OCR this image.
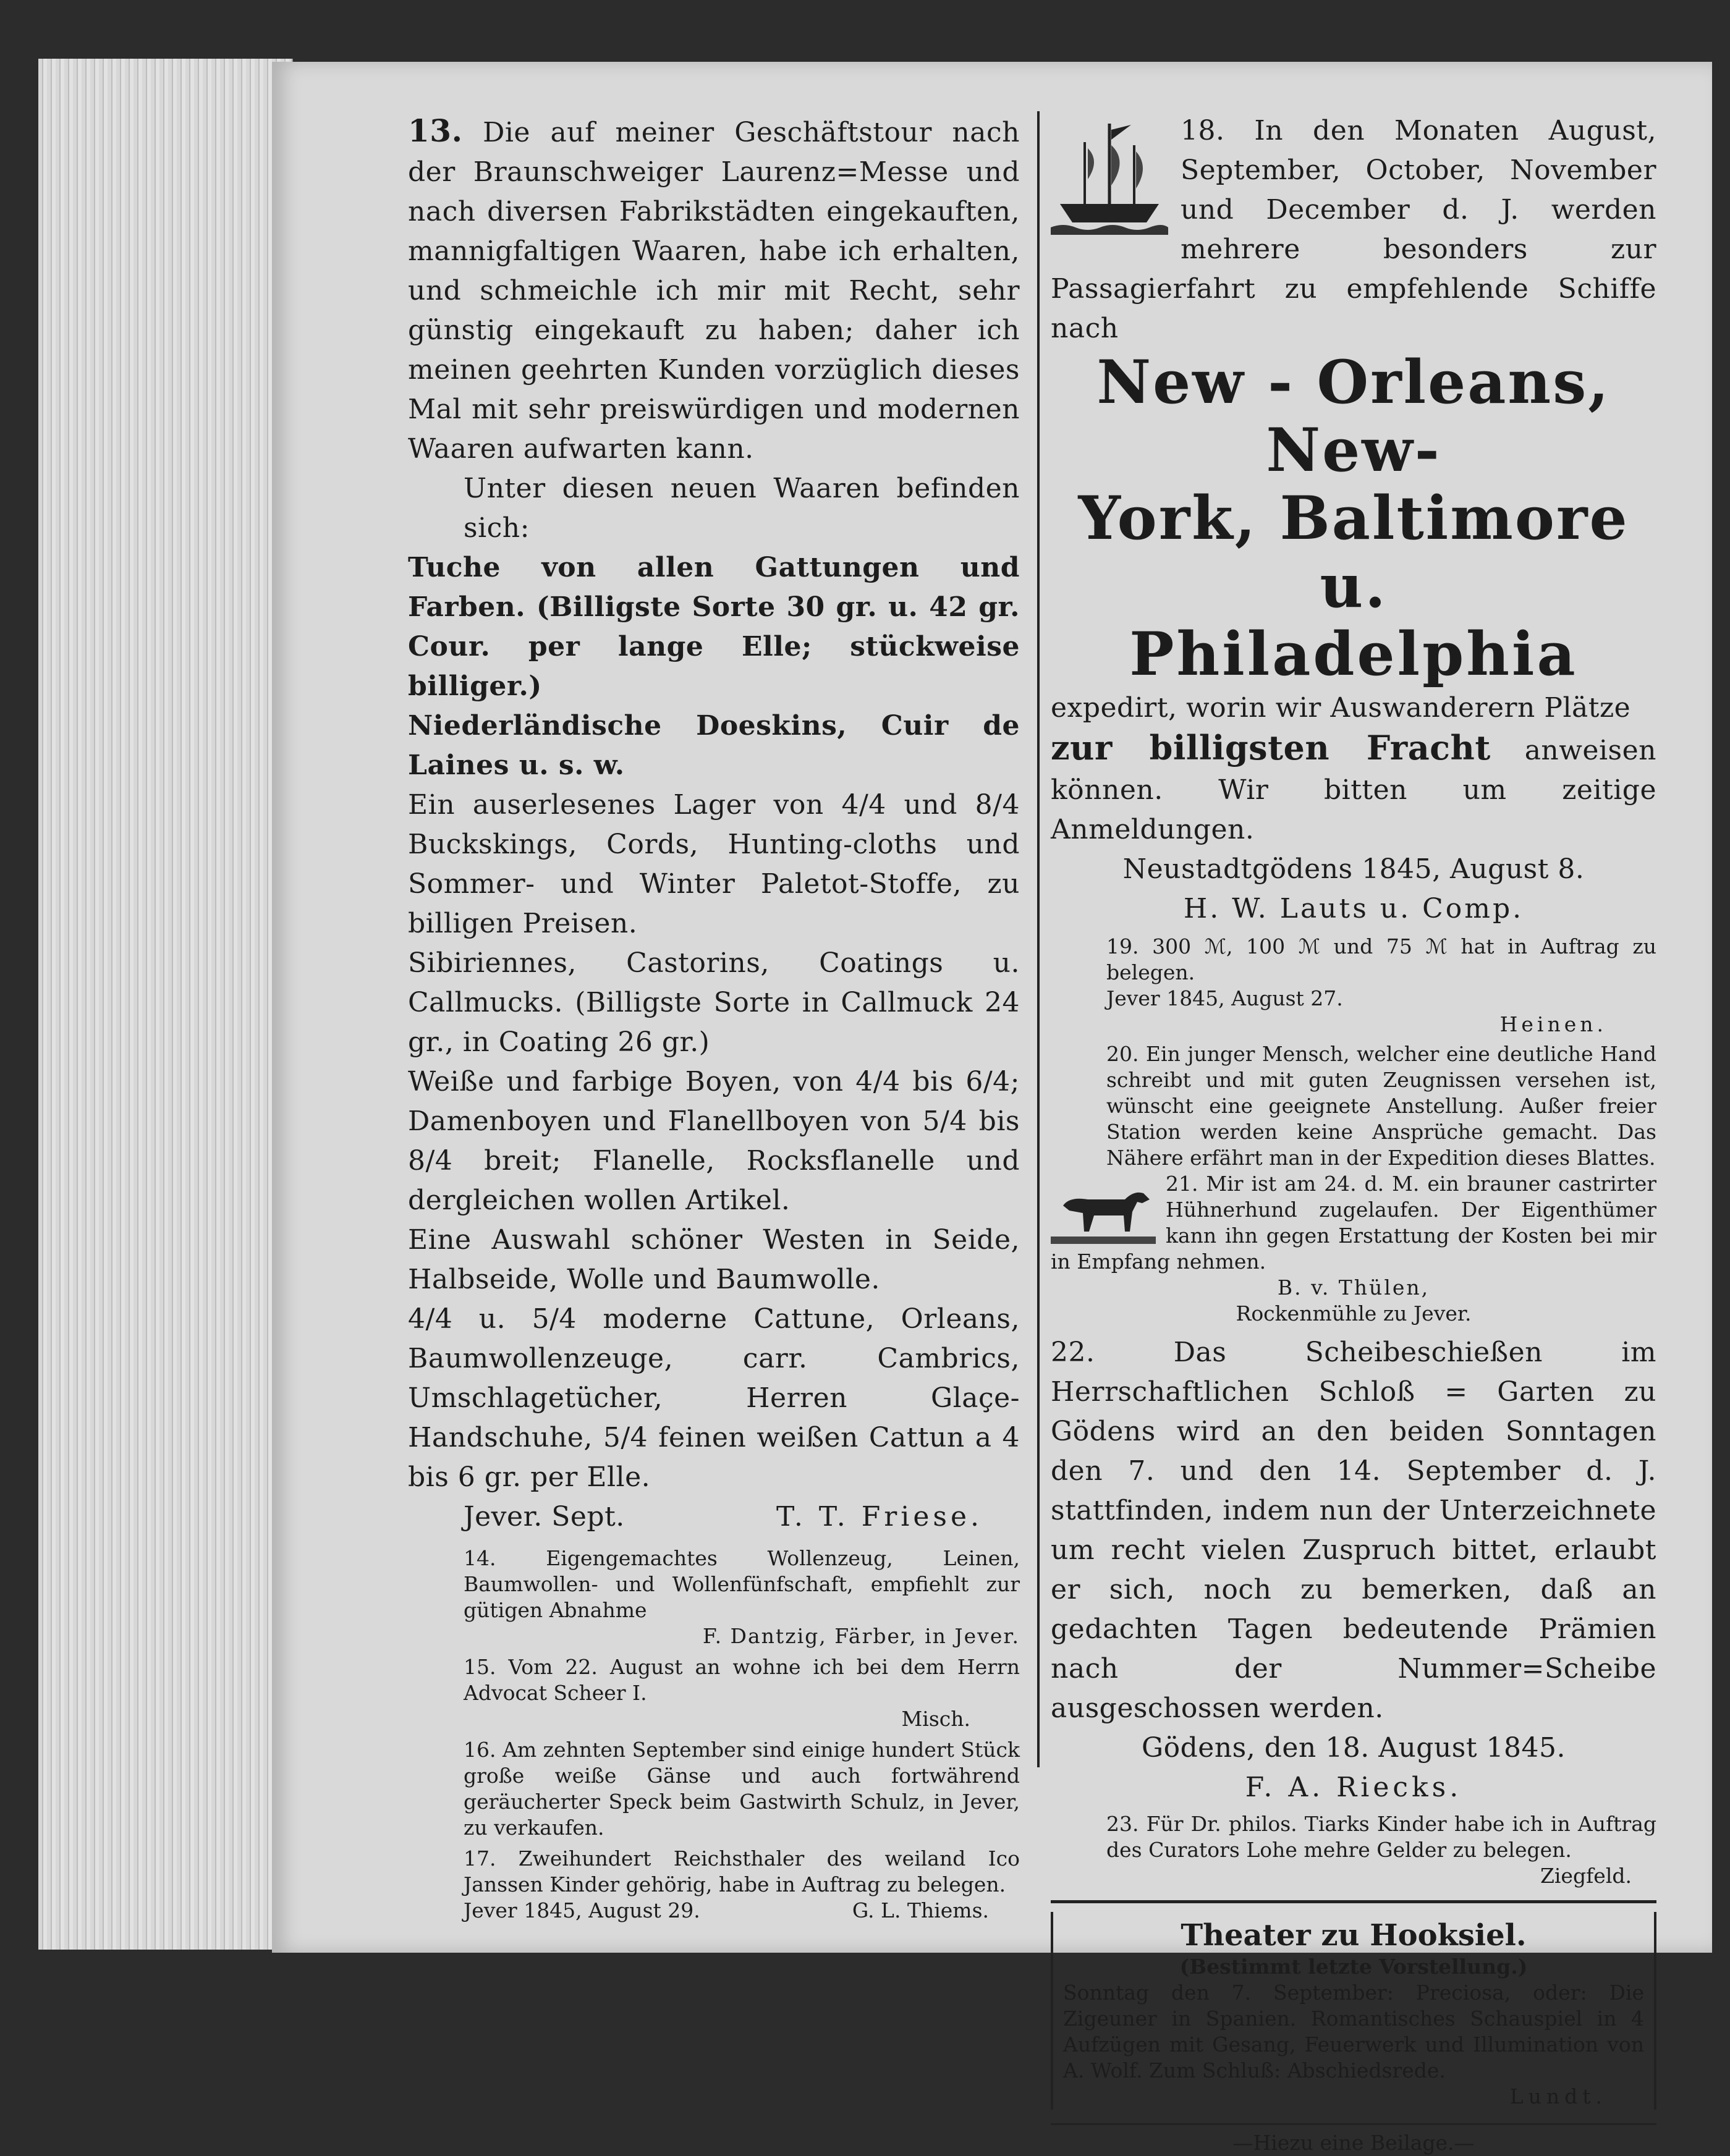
13. Die auf meiner Geschäftstour nach der Braunschweiger Laurenz=Messe und nach diversen Fabrikstädten eingekauften, mannigfaltigen Waaren, habe ich erhalten, und schmeichle ich mir mit Recht, sehr günstig eingekauft zu haben; daher ich meinen geehrten Kunden vorzüglich dieses Mal mit sehr preiswürdigen und modernen Waaren aufwarten kann.

Unter diesen neuen Waaren befinden sich:

Tuche von allen Gattungen und Farben. (Billigste Sorte 30 gr. u. 42 gr. Cour. per lange Elle; stückweise billiger.)

Niederländische Doeskins, Cuir de Laines u. s. w.

Ein auserlesenes Lager von 4/4 und 8/4 Buckskings, Cords, Hunting-cloths und Sommer- und Winter Paletot-Stoffe, zu billigen Preisen.

Sibiriennes, Castorins, Coatings u. Callmucks. (Billigste Sorte in Callmuck 24 gr., in Coating 26 gr.)

Weiße und farbige Boyen, von 4/4 bis 6/4; Damenboyen und Flanellboyen von 5/4 bis 8/4 breit; Flanelle, Rocksflanelle und dergleichen wollen Artikel.

Eine Auswahl schöner Westen in Seide, Halbseide, Wolle und Baumwolle.

4/4 u. 5/4 moderne Cattune, Orleans, Baumwollenzeuge, carr. Cambrics, Umschlagetücher, Herren Glaçe-Handschuhe, 5/4 feinen weißen Cattun a 4 bis 6 gr. per Elle.

Jever. Sept.	T. T. Friese.

14. Eigengemachtes Wollenzeug, Leinen, Baumwollen- und Wollenfünfschaft, empfiehlt zur gütigen Abnahme

F. Dantzig, Färber, in Jever.

15. Vom 22. August an wohne ich bei dem Herrn Advocat Scheer I.

Misch.

16. Am zehnten September sind einige hundert Stück große weiße Gänse und auch fortwährend geräucherter Speck beim Gastwirth Schulz, in Jever, zu verkaufen.

17. Zweihundert Reichsthaler des weiland Ico Janssen Kinder gehörig, habe in Auftrag zu belegen.

Jever 1845, August 29.	G. L. Thiems.

18. In den Monaten August, September, October, November und December d. J. werden mehrere besonders zur Passagierfahrt zu empfehlende Schiffe nach

New - Orleans, New-

York, Baltimore u.

Philadelphia

expedirt, worin wir Auswanderern Plätze

zur billigsten Fracht anweisen können. Wir bitten um zeitige Anmeldungen.

Neustadtgödens 1845, August 8.

H. W. Lauts u. Comp.

19. 300 ℳ, 100 ℳ und 75 ℳ hat in Auftrag zu belegen.

Jever 1845, August 27.

Heinen.

20. Ein junger Mensch, welcher eine deutliche Hand schreibt und mit guten Zeugnissen versehen ist, wünscht eine geeignete Anstellung. Außer freier Station werden keine Ansprüche gemacht. Das Nähere erfährt man in der Expedition dieses Blattes.

21. Mir ist am 24. d. M. ein brauner castrirter Hühnerhund zugelaufen. Der Eigenthümer kann ihn gegen Erstattung der Kosten bei mir in Empfang nehmen.

B. v. Thülen,

Rockenmühle zu Jever.

22. Das Scheibeschießen im Herrschaftlichen Schloß = Garten zu Gödens wird an den beiden Sonntagen den 7. und den 14. September d. J. stattfinden, indem nun der Unterzeichnete um recht vielen Zuspruch bittet, erlaubt er sich, noch zu bemerken, daß an gedachten Tagen bedeutende Prämien nach der Nummer=Scheibe ausgeschossen werden.

Gödens, den 18. August 1845.

F. A. Riecks.

23. Für Dr. philos. Tiarks Kinder habe ich in Auftrag des Curators Lohe mehre Gelder zu belegen.

Ziegfeld.

Theater zu Hooksiel.

(Bestimmt letzte Vorstellung.)

Sonntag den 7. September: Preciosa, oder: Die Zigeuner in Spanien. Romantisches Schauspiel in 4 Aufzügen mit Gesang, Feuerwerk und Illumination von A. Wolf. Zum Schluß: Abschiedsrede.

Lundt.

—Hiezu eine Beilage.—
